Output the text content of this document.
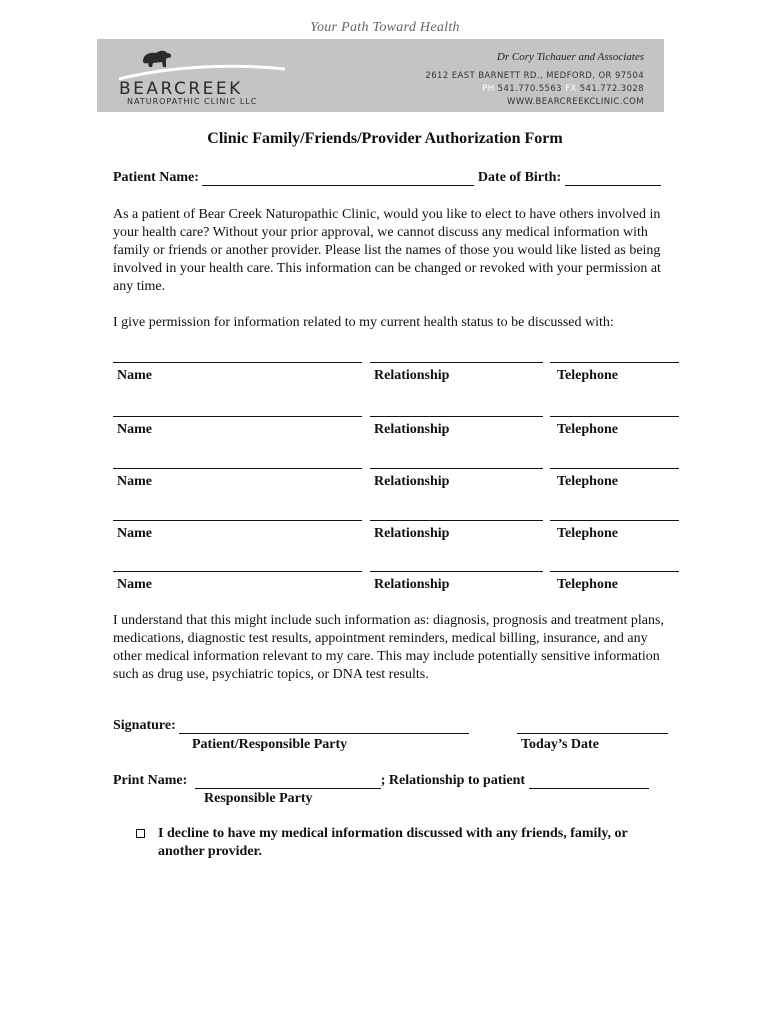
Your Path Toward Health
BEARCREEK
NATUROPATHIC CLINIC LLC
Dr Cory Tichauer and Associates
2612 EAST BARNETT RD., MEDFORD, OR 97504
PH 541.770.5563 FX 541.772.3028
WWW.BEARCREEKCLINIC.COM
Clinic Family/Friends/Provider Authorization Form
Patient Name:	Date of Birth:

As a patient of Bear Creek Naturopathic Clinic, would you like to elect to have others involved in your health care? Without your prior approval, we cannot discuss any medical information with family or friends or another provider. Please list the names of those you would like listed as being involved in your health care. This information can be changed or revoked with your permission at any time.

I give permission for information related to my current health status to be discussed with:

Name	Relationship	Telephone
Name	Relationship	Telephone
Name	Relationship	Telephone
Name	Relationship	Telephone
Name	Relationship	Telephone

I understand that this might include such information as: diagnosis, prognosis and treatment plans, medications, diagnostic test results, appointment reminders, medical billing, insurance, and any other medical information relevant to my care. This may include potentially sensitive information such as drug use, psychiatric topics, or DNA test results.

Signature:
Patient/Responsible Party	Today’s Date
Print Name:	; Relationship to patient
Responsible Party
I decline to have my medical information discussed with any friends, family, or
another provider.
